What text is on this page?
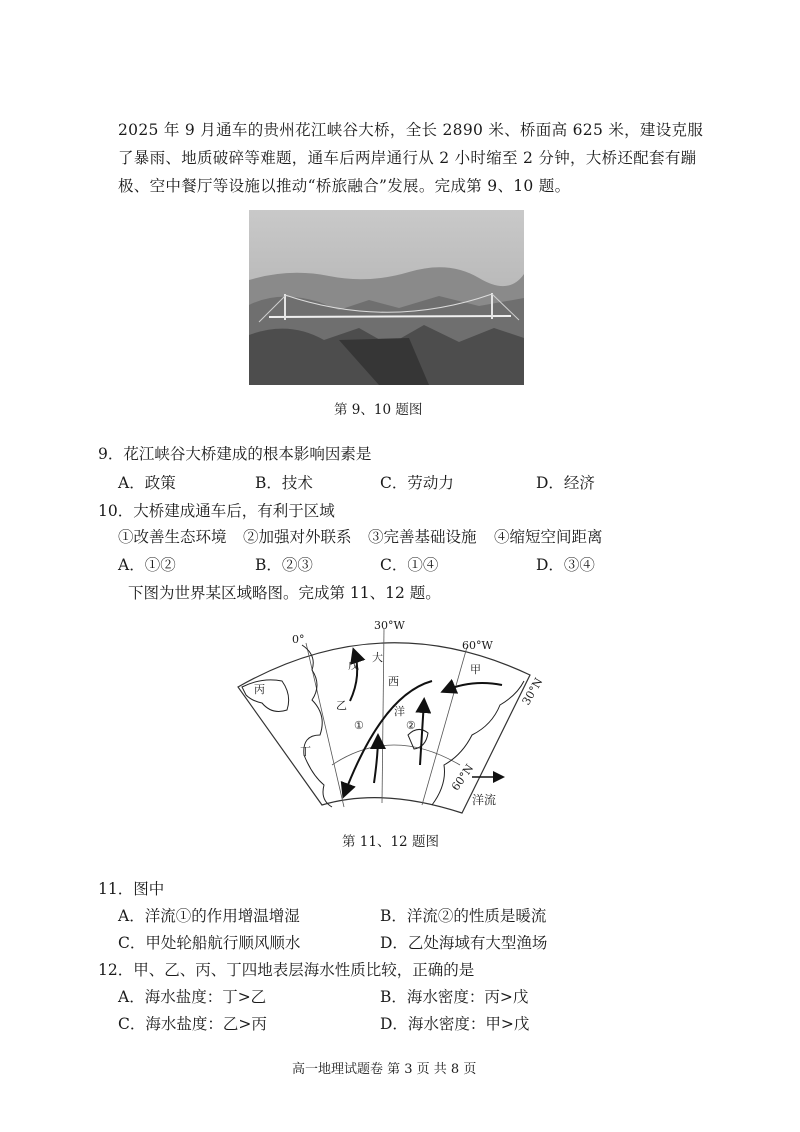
2025 年 9 月通车的贵州花江峡谷大桥，全长 2890 米、桥面高 625 米，建设克服了暴雨、地质破碎等难题，通车后两岸通行从 2 小时缩至 2 分钟，大桥还配套有蹦极、空中餐厅等设施以推动“桥旅融合”发展。完成第 9、10 题。
第 9、10 题图
9．花江峡谷大桥建成的根本影响因素是
A．政策	B．技术	C．劳动力	D．经济
10．大桥建成通车后，有利于区域
①改善生态环境 ②加强对外联系 ③完善基础设施 ④缩短空间距离
A．①②	B．②③	C．①④	D．③④
下图为世界某区域略图。完成第 11、12 题。
0°
30°W
60°W
30°N
60°N
大
西
洋
甲
乙
丙
丁
戊
①	②
洋流
第 11、12 题图
11．图中
A．洋流①的作用增温增湿	B．洋流②的性质是暖流
C．甲处轮船航行顺风顺水	D．乙处海域有大型渔场
12．甲、乙、丙、丁四地表层海水性质比较，正确的是
A．海水盐度：丁>乙	B．海水密度：丙>戊
C．海水盐度：乙>丙	D．海水密度：甲>戊
高一地理试题卷 第 3 页 共 8 页
